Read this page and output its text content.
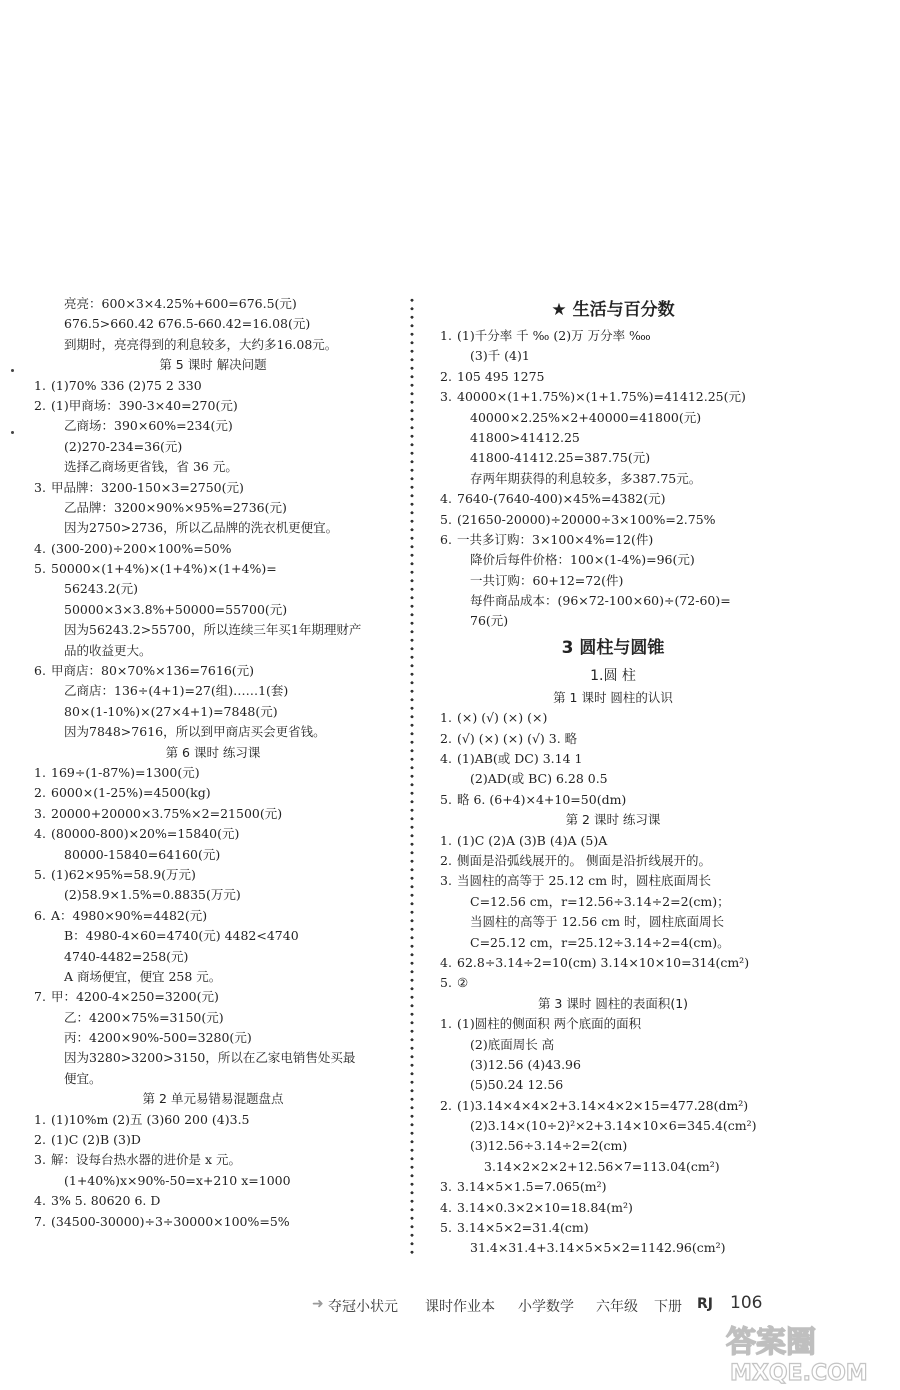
亮亮：600×3×4.25%+600=676.5(元)
676.5>660.42 676.5-660.42=16.08(元)
到期时，亮亮得到的利息较多，大约多16.08元。
第 5 课时 解决问题
1. (1)70% 336 (2)75 2 330
2. (1)甲商场：390-3×40=270(元)
乙商场：390×60%=234(元)
(2)270-234=36(元)
选择乙商场更省钱，省 36 元。
3. 甲品牌：3200-150×3=2750(元)
乙品牌：3200×90%×95%=2736(元)
因为2750>2736，所以乙品牌的洗衣机更便宜。
4. (300-200)÷200×100%=50%
5. 50000×(1+4%)×(1+4%)×(1+4%)=
56243.2(元)
50000×3×3.8%+50000=55700(元)
因为56243.2>55700，所以连续三年买1年期理财产
品的收益更大。
6. 甲商店：80×70%×136=7616(元)
乙商店：136÷(4+1)=27(组)……1(套)
80×(1-10%)×(27×4+1)=7848(元)
因为7848>7616，所以到甲商店买会更省钱。
第 6 课时 练习课
1. 169÷(1-87%)=1300(元)
2. 6000×(1-25%)=4500(kg)
3. 20000+20000×3.75%×2=21500(元)
4. (80000-800)×20%=15840(元)
80000-15840=64160(元)
5. (1)62×95%=58.9(万元)
(2)58.9×1.5%=0.8835(万元)
6. A：4980×90%=4482(元)
B：4980-4×60=4740(元) 4482<4740
4740-4482=258(元)
A 商场便宜，便宜 258 元。
7. 甲：4200-4×250=3200(元)
乙：4200×75%=3150(元)
丙：4200×90%-500=3280(元)
因为3280>3200>3150，所以在乙家电销售处买最
便宜。
第 2 单元易错易混题盘点
1. (1)10%m (2)五 (3)60 200 (4)3.5
2. (1)C (2)B (3)D
3. 解：设每台热水器的进价是 x 元。
(1+40%)x×90%-50=x+210 x=1000
4. 3% 5. 80620 6. D
7. (34500-30000)÷3÷30000×100%=5%
★ 生活与百分数
1. (1)千分率 千 ‰ (2)万 万分率 ‱
(3)千 (4)1
2. 105 495 1275
3. 40000×(1+1.75%)×(1+1.75%)=41412.25(元)
40000×2.25%×2+40000=41800(元)
41800>41412.25
41800-41412.25=387.75(元)
存两年期获得的利息较多，多387.75元。
4. 7640-(7640-400)×45%=4382(元)
5. (21650-20000)÷20000÷3×100%=2.75%
6. 一共多订购：3×100×4%=12(件)
降价后每件价格：100×(1-4%)=96(元)
一共订购：60+12=72(件)
每件商品成本：(96×72-100×60)÷(72-60)=
76(元)
3 圆柱与圆锥
1.圆 柱
第 1 课时 圆柱的认识
1. (×) (√) (×) (×)
2. (√) (×) (×) (√) 3. 略
4. (1)AB(或 DC) 3.14 1
(2)AD(或 BC) 6.28 0.5
5. 略 6. (6+4)×4+10=50(dm)
第 2 课时 练习课
1. (1)C (2)A (3)B (4)A (5)A
2. 侧面是沿弧线展开的。 侧面是沿折线展开的。
3. 当圆柱的高等于 25.12 cm 时，圆柱底面周长
C=12.56 cm，r=12.56÷3.14÷2=2(cm)；
当圆柱的高等于 12.56 cm 时，圆柱底面周长
C=25.12 cm，r=25.12÷3.14÷2=4(cm)。
4. 62.8÷3.14÷2=10(cm) 3.14×10×10=314(cm²)
5. ②
第 3 课时 圆柱的表面积(1)
1. (1)圆柱的侧面积 两个底面的面积
(2)底面周长 高
(3)12.56 (4)43.96
(5)50.24 12.56
2. (1)3.14×4×4×2+3.14×4×2×15=477.28(dm²)
(2)3.14×(10÷2)²×2+3.14×10×6=345.4(cm²)
(3)12.56÷3.14÷2=2(cm)
3.14×2×2×2+12.56×7=113.04(cm²)
3. 3.14×5×1.5=7.065(m²)
4. 3.14×0.3×2×10=18.84(m²)
5. 3.14×5×2=31.4(cm)
31.4×31.4+3.14×5×5×2=1142.96(cm²)
➜ 夺冠小状元 课时作业本 小学数学 六年级 下册 RJ 106
答案圈
MXQE.COM
